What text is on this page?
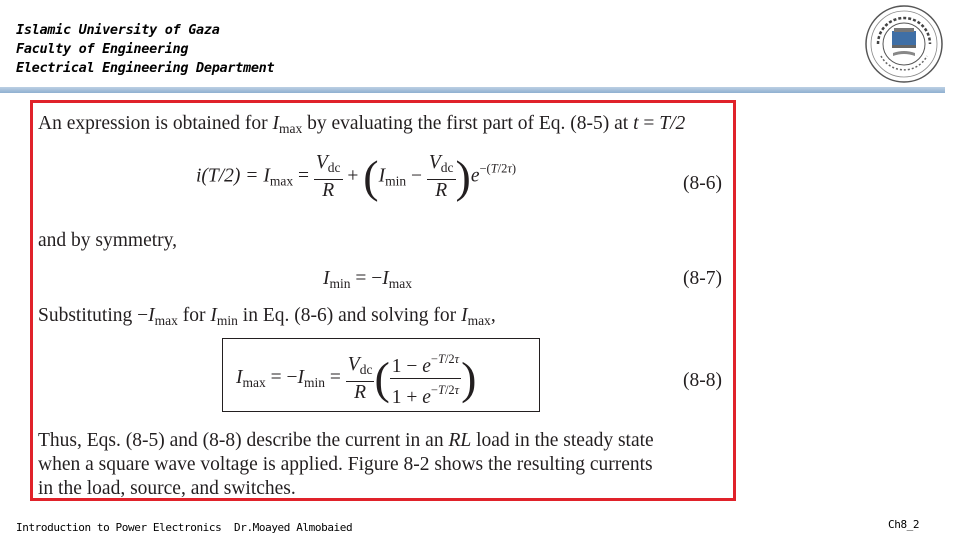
Islamic University of Gaza
Faculty of Engineering
Electrical Engineering Department
An expression is obtained for $I_{max}$ by evaluating the first part of Eq. (8-5) at t = T/2
$i(T/2) = I_{max} = \frac{V_{dc}}{R} + (I_{min} - \frac{V_{dc}}{R} )e^{-(T/2\tau)}$
(8-6)
and by symmetry,
$I_{min} = -I_{max}$	(8-7)
Substituting $-I_{max}$ for $I_{min}$ in Eq. (8-6) and solving for $I_{max}$,
$I_{max} = -I_{min} = \frac{V_{dc}}{R}$ ( $\frac{1 - e^{-T/2\tau}}{1 + e^{-T/2\tau}}$ )	(8-8)
Thus, Eqs. (8-5) and (8-8) describe the current in an RL load in the steady state
when a square wave voltage is applied. Figure 8-2 shows the resulting currents
in the load, source, and switches.
Introduction to Power Electronics Dr.Moayed Almobaied	Ch8_2
